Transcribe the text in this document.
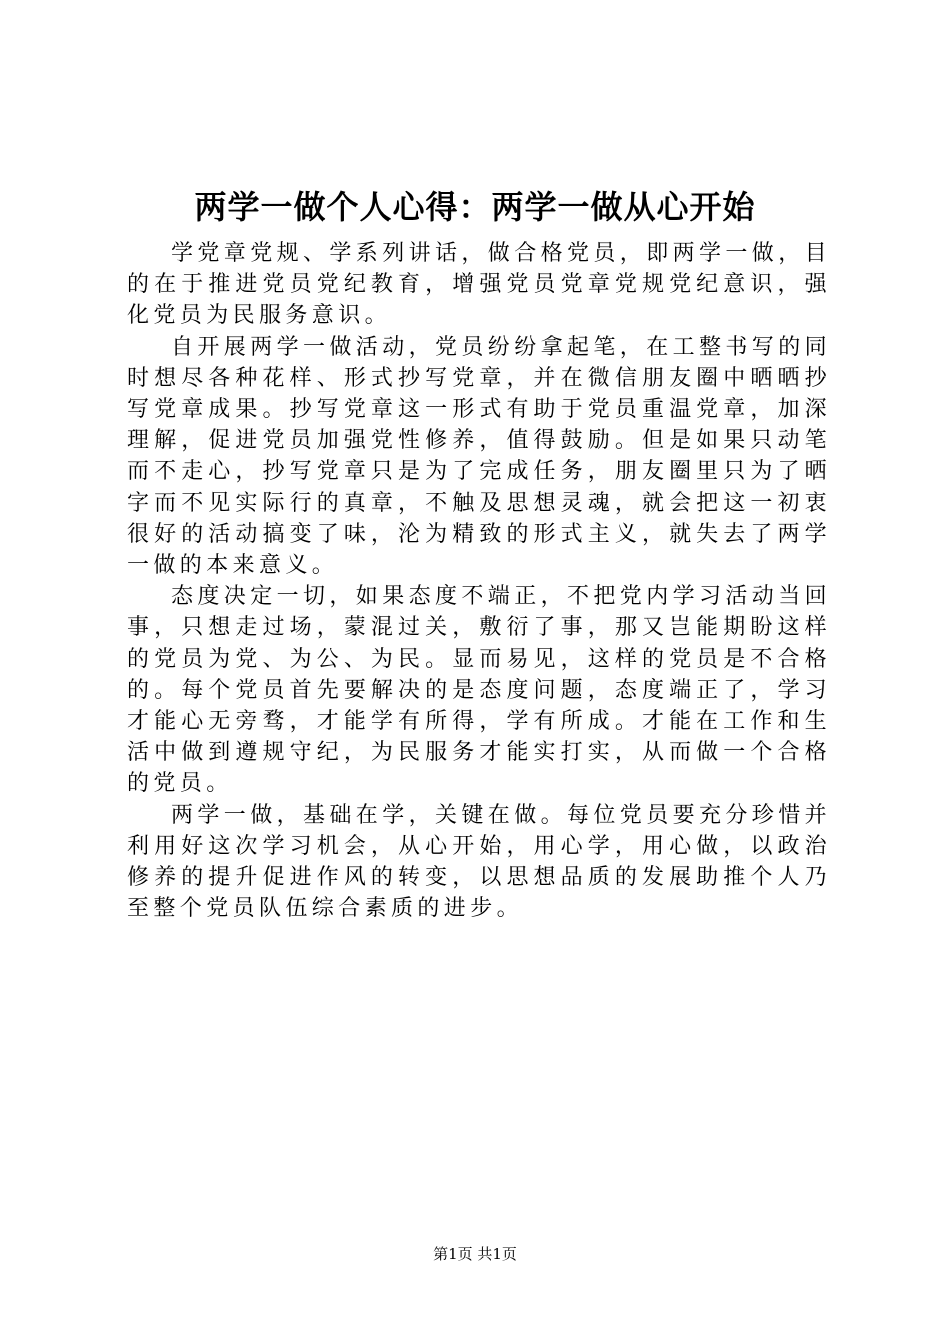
两学一做个人心得：两学一做从心开始

学党章党规、学系列讲话，做合格党员，即两学一做，目的在于推进党员党纪教育，增强党员党章党规党纪意识，强化党员为民服务意识。

自开展两学一做活动，党员纷纷拿起笔，在工整书写的同时想尽各种花样、形式抄写党章，并在微信朋友圈中晒晒抄写党章成果。抄写党章这一形式有助于党员重温党章，加深理解，促进党员加强党性修养，值得鼓励。但是如果只动笔而不走心，抄写党章只是为了完成任务，朋友圈里只为了晒字而不见实际行的真章，不触及思想灵魂，就会把这一初衷很好的活动搞变了味，沦为精致的形式主义，就失去了两学一做的本来意义。

态度决定一切，如果态度不端正，不把党内学习活动当回事，只想走过场，蒙混过关，敷衍了事，那又岂能期盼这样的党员为党、为公、为民。显而易见，这样的党员是不合格的。每个党员首先要解决的是态度问题，态度端正了，学习才能心无旁骛，才能学有所得，学有所成。才能在工作和生活中做到遵规守纪，为民服务才能实打实，从而做一个合格的党员。

两学一做，基础在学，关键在做。每位党员要充分珍惜并利用好这次学习机会，从心开始，用心学，用心做，以政治修养的提升促进作风的转变，以思想品质的发展助推个人乃至整个党员队伍综合素质的进步。

第1页 共1页
